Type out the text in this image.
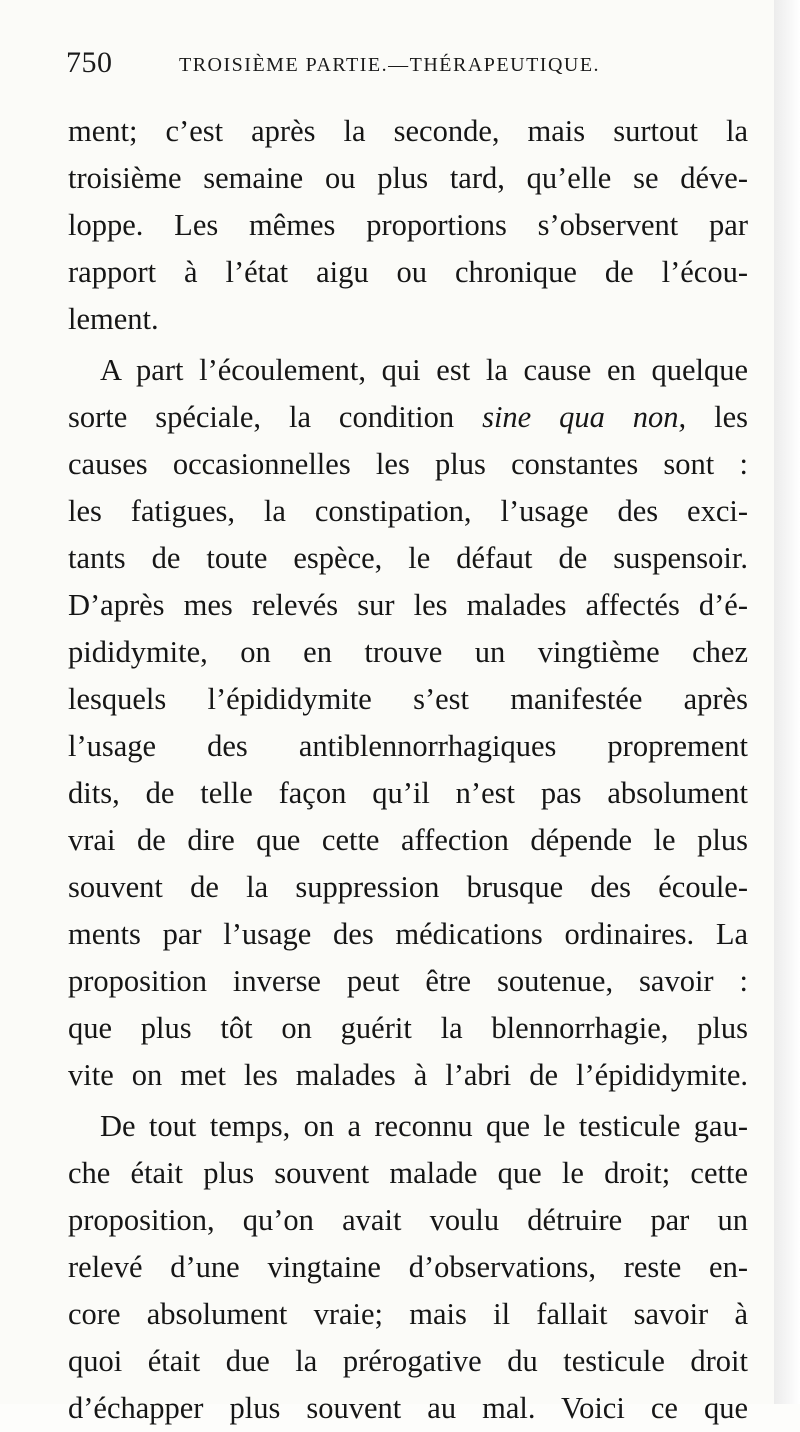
750	TROISIÈME PARTIE.—THÉRAPEUTIQUE.
ment; c’est après la seconde, mais surtout la
troisième semaine ou plus tard, qu’elle se déve-
loppe. Les mêmes proportions s’observent par
rapport à l’état aigu ou chronique de l’écou-
lement.
A part l’écoulement, qui est la cause en quelque
sorte spéciale, la condition sine qua non, les
causes occasionnelles les plus constantes sont :
les fatigues, la constipation, l’usage des exci-
tants de toute espèce, le défaut de suspensoir.
D’après mes relevés sur les malades affectés d’é-
pididymite, on en trouve un vingtième chez
lesquels l’épididymite s’est manifestée après
l’usage des antiblennorrhagiques proprement
dits, de telle façon qu’il n’est pas absolument
vrai de dire que cette affection dépende le plus
souvent de la suppression brusque des écoule-
ments par l’usage des médications ordinaires. La
proposition inverse peut être soutenue, savoir :
que plus tôt on guérit la blennorrhagie, plus
vite on met les malades à l’abri de l’épididymite.
De tout temps, on a reconnu que le testicule gau-
che était plus souvent malade que le droit; cette
proposition, qu’on avait voulu détruire par un
relevé d’une vingtaine d’observations, reste en-
core absolument vraie; mais il fallait savoir à
quoi était due la prérogative du testicule droit
d’échapper plus souvent au mal. Voici ce que
